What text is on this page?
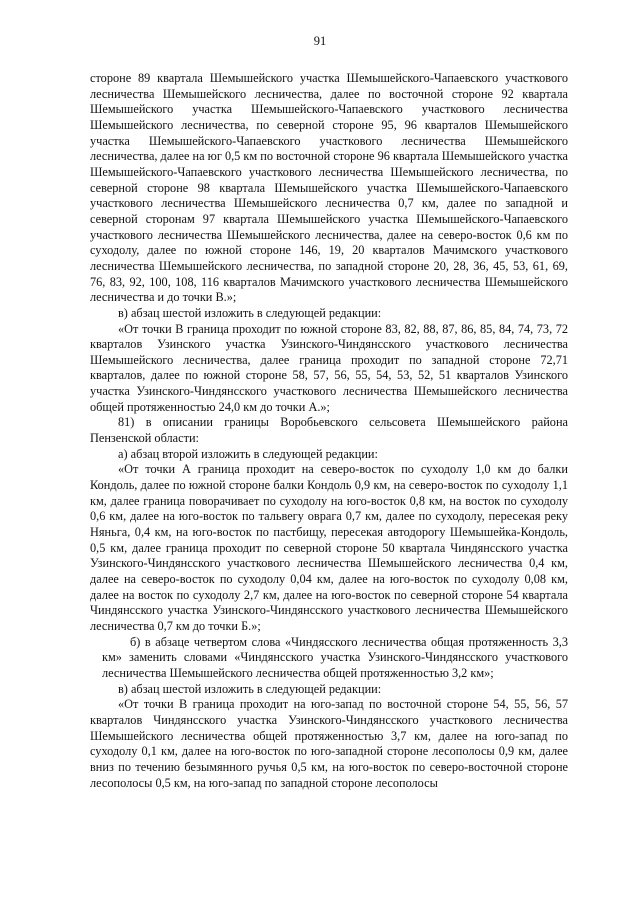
91

стороне 89 квартала Шемышейского участка Шемышейского-Чапаевского участкового лесничества Шемышейского лесничества, далее по восточной стороне 92 квартала Шемышейского участка Шемышейского-Чапаевского участкового лесничества Шемышейского лесничества, по северной стороне 95, 96 кварталов Шемышейского участка Шемышейского-Чапаевского участкового лесничества Шемышейского лесничества, далее на юг 0,5 км по восточной стороне 96 квартала Шемышейского участка Шемышейского-Чапаевского участкового лесничества Шемышейского лесничества, по северной стороне 98 квартала Шемышейского участка Шемышейского-Чапаевского участкового лесничества Шемышейского лесничества 0,7 км, далее по западной и северной сторонам 97 квартала Шемышейского участка Шемышейского-Чапаевского участкового лесничества Шемышейского лесничества, далее на северо-восток 0,6 км по суходолу, далее по южной стороне 146, 19, 20 кварталов Мачимского участкового лесничества Шемышейского лесничества, по западной стороне 20, 28, 36, 45, 53, 61, 69, 76, 83, 92, 100, 108, 116 кварталов Мачимского участкового лесничества Шемышейского лесничества и до точки В.»;

в) абзац шестой изложить в следующей редакции:

«От точки В граница проходит по южной стороне 83, 82, 88, 87, 86, 85, 84, 74, 73, 72 кварталов Узинского участка Узинского-Чиндянсского участкового лесничества Шемышейского лесничества, далее граница проходит по западной стороне 72,71 кварталов, далее по южной стороне 58, 57, 56, 55, 54, 53, 52, 51 кварталов Узинского участка Узинского-Чиндянсского участкового лесничества Шемышейского лесничества общей протяженностью 24,0 км до точки А.»;

81) в описании границы Воробьевского сельсовета Шемышейского района Пензенской области:

а) абзац второй изложить в следующей редакции:

«От точки А граница проходит на северо-восток по суходолу 1,0 км до балки Кондоль, далее по южной стороне балки Кондоль 0,9 км, на северо-восток по суходолу 1,1 км, далее граница поворачивает по суходолу на юго-восток 0,8 км, на восток по суходолу 0,6 км, далее на юго-восток по тальвегу оврага 0,7 км, далее по суходолу, пересекая реку Няньга, 0,4 км, на юго-восток по пастбищу, пересекая автодорогу Шемышейка-Кондоль, 0,5 км, далее граница проходит по северной стороне 50 квартала Чиндянсского участка Узинского-Чиндянсского участкового лесничества Шемышейского лесничества 0,4 км, далее на северо-восток по суходолу 0,04 км, далее на юго-восток по суходолу 0,08 км, далее на восток по суходолу 2,7 км, далее на юго-восток по северной стороне 54 квартала Чиндянсского участка Узинского-Чиндянсского участкового лесничества Шемышейского лесничества 0,7 км до точки Б.»;

б) в абзаце четвертом слова «Чиндясского лесничества общая протяженность 3,3 км» заменить словами «Чиндянсского участка Узинского-Чиндянсского участкового лесничества Шемышейского лесничества общей протяженностью 3,2 км»;

в) абзац шестой изложить в следующей редакции:

«От точки В граница проходит на юго-запад по восточной стороне 54, 55, 56, 57 кварталов Чиндянсского участка Узинского-Чиндянсского участкового лесничества Шемышейского лесничества общей протяженностью 3,7 км, далее на юго-запад по суходолу 0,1 км, далее на юго-восток по юго-западной стороне лесополосы 0,9 км, далее вниз по течению безымянного ручья 0,5 км, на юго-восток по северо-восточной стороне лесополосы 0,5 км, на юго-запад по западной стороне лесополосы
